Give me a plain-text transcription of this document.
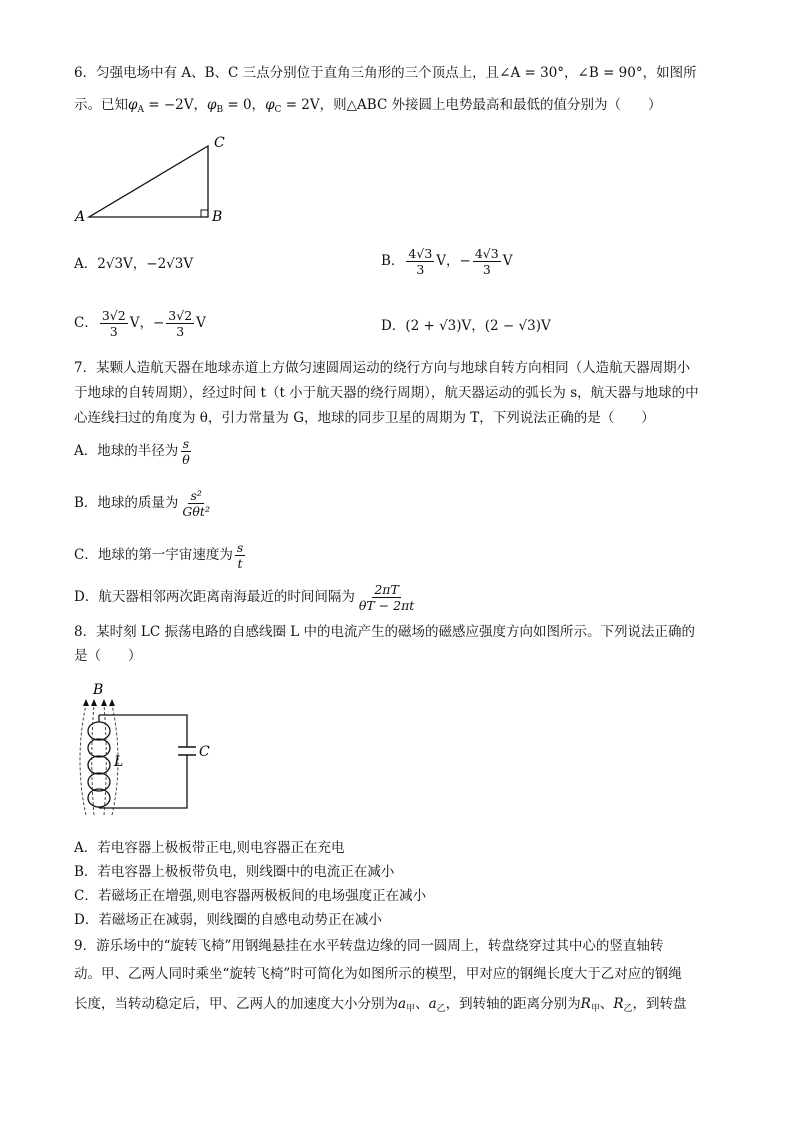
6．匀强电场中有 A、B、C 三点分别位于直角三角形的三个顶点上，且∠A = 30°，∠B = 90°，如图所
示。已知$\varphi_A = -2V$，$\varphi_B = 0$，$\varphi_C = 2V$，则△ABC 外接圆上电势最高和最低的值分别为（　　）
A	B
C
A．2√3V，−2√3V	B． $\frac{4√3}{3}$ V，− $\frac{4√3}{3}$ V
C． $\frac{3√2}{3}$ V，− $\frac{3√2}{3}$ V	D．(2 + √3)V，(2 − √3)V
7．某颗人造航天器在地球赤道上方做匀速圆周运动的绕行方向与地球自转方向相同（人造航天器周期小
于地球的自转周期），经过时间 t（t 小于航天器的绕行周期），航天器运动的弧长为 s，航天器与地球的中
心连线扫过的角度为 θ，引力常量为 G，地球的同步卫星的周期为 T，下列说法正确的是（　　）
A．地球的半径为 $\frac{s}{\theta}$
B．地球的质量为 $\frac{\text{s²}}{\text{Gθt²}}$
C．地球的第一宇宙速度为 $\frac{s}{t}$
D．航天器相邻两次距离南海最近的时间间隔为 $\frac{2\pi T}{\theta T - 2\pi t}$
8．某时刻 LC 振荡电路的自感线圈 L 中的电流产生的磁场的磁感应强度方向如图所示。下列说法正确的
是（　　）
B
L
C
A．若电容器上极板带正电,则电容器正在充电
B．若电容器上极板带负电，则线圈中的电流正在减小
C．若磁场正在增强,则电容器两极板间的电场强度正在减小
D．若磁场正在减弱，则线圈的自感电动势正在减小
9．游乐场中的“旋转飞椅”用钢绳悬挂在水平转盘边缘的同一圆周上，转盘绕穿过其中心的竖直轴转
动。甲、乙两人同时乘坐“旋转飞椅”时可简化为如图所示的模型，甲对应的钢绳长度大于乙对应的钢绳
长度，当转动稳定后，甲、乙两人的加速度大小分别为$a_甲$、$a_乙$，到转轴的距离分别为$R_甲$、$R_乙$，到转盘
